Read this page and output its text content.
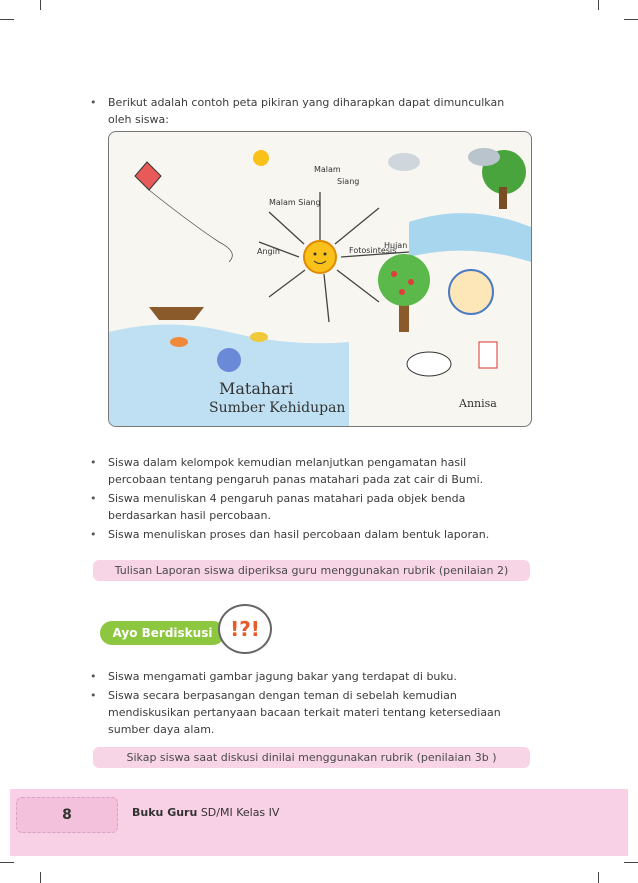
• Berikut adalah contoh peta pikiran yang diharapkan dapat dimunculkan oleh siswa:
Malam Siang
Hujan
Fotosintesis
Angin
Malam
Siang
Matahari
Sumber Kehidupan	Annisa
• Siswa dalam kelompok kemudian melanjutkan pengamatan hasil percobaan tentang pengaruh panas matahari pada zat cair di Bumi.
• Siswa menuliskan 4 pengaruh panas matahari pada objek benda berdasarkan hasil percobaan.
• Siswa menuliskan proses dan hasil percobaan dalam bentuk laporan.
Tulisan Laporan siswa diperiksa guru menggunakan rubrik (penilaian 2)
Ayo Berdiskusi !?!
• Siswa mengamati gambar jagung bakar yang terdapat di buku.
• Siswa secara berpasangan dengan teman di sebelah kemudian mendiskusikan pertanyaan bacaan terkait materi tentang ketersediaan sumber daya alam.
Sikap siswa saat diskusi dinilai menggunakan rubrik (penilaian 3b )
8	Buku Guru SD/MI Kelas IV
